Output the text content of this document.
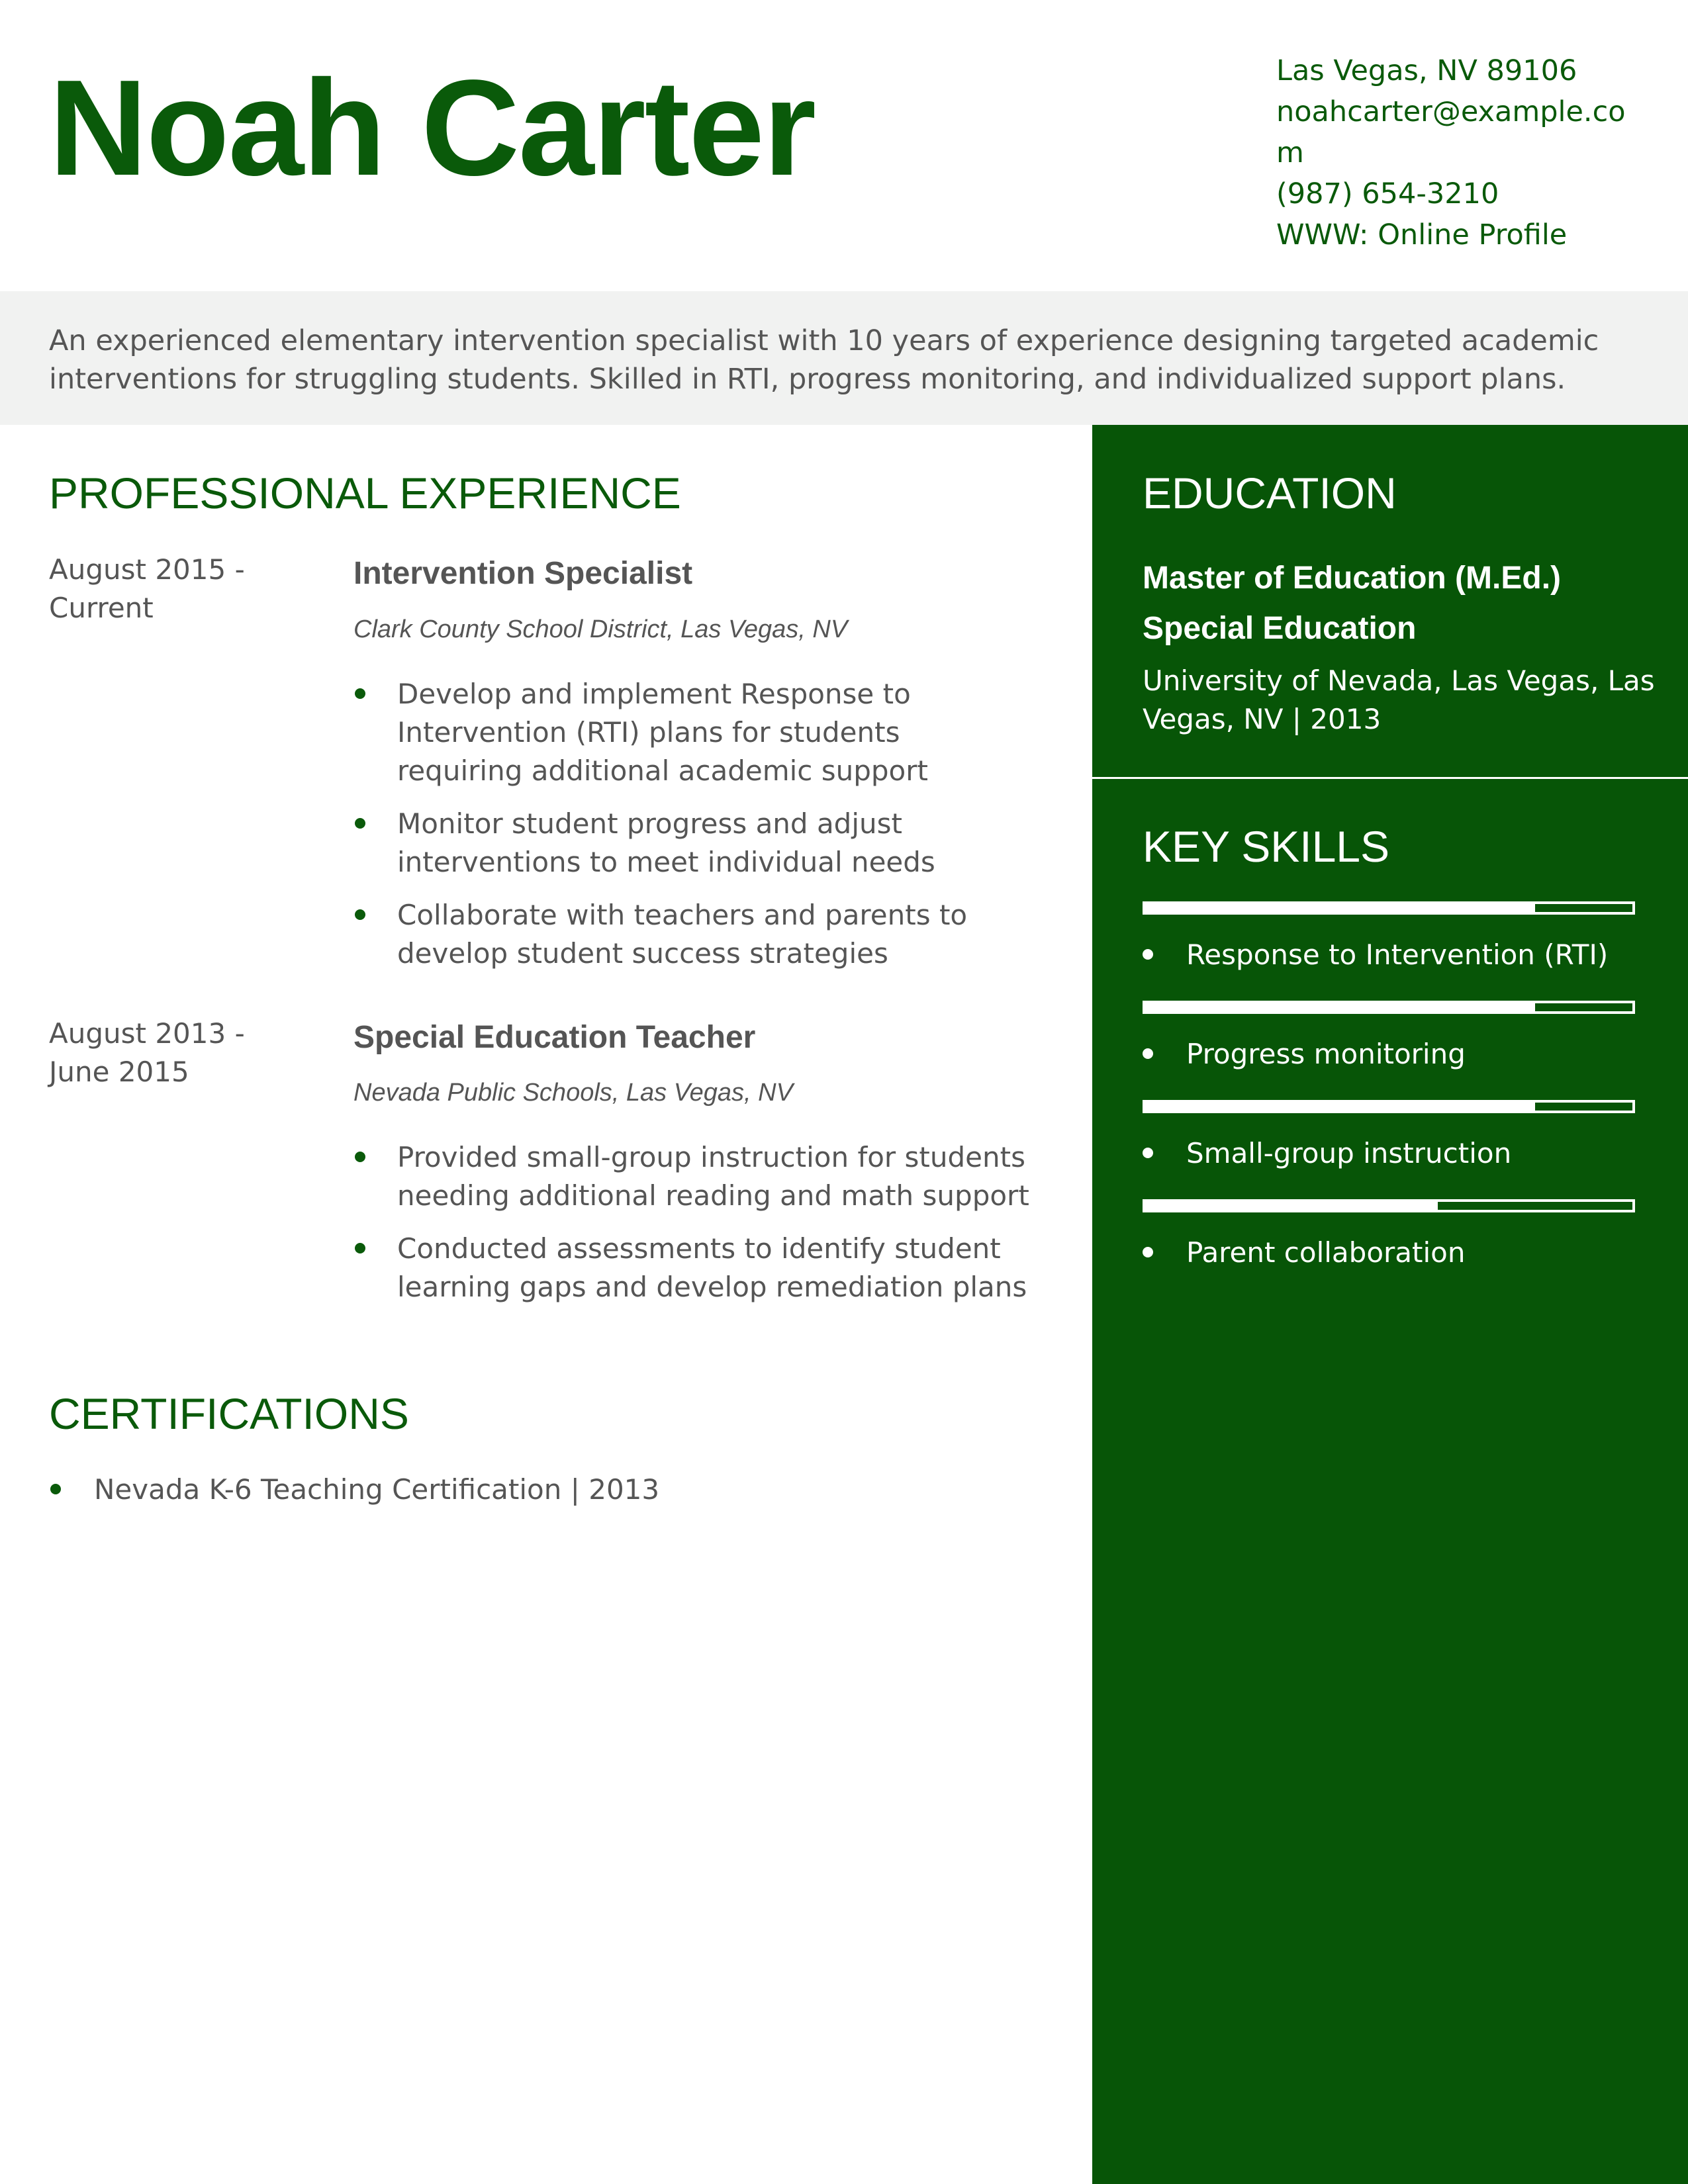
Noah Carter	Las Vegas, NV 89106
noahcarter@example.com
(987) 654-3210
WWW: Online Profile

An experienced elementary intervention specialist with 10 years of experience designing targeted academic interventions for struggling students. Skilled in RTI, progress monitoring, and individualized support plans.

PROFESSIONAL EXPERIENCE
August 2015 - Current
Intervention Specialist
Clark County School District, Las Vegas, NV
Develop and implement Response to Intervention (RTI) plans for students requiring additional academic support
Monitor student progress and adjust interventions to meet individual needs
Collaborate with teachers and parents to develop student success strategies
August 2013 - June 2015
Special Education Teacher
Nevada Public Schools, Las Vegas, NV
Provided small-group instruction for students needing additional reading and math support
Conducted assessments to identify student learning gaps and develop remediation plans
CERTIFICATIONS
Nevada K-6 Teaching Certification | 2013
EDUCATION
Master of Education (M.Ed.)
Special Education
University of Nevada, Las Vegas, Las Vegas, NV | 2013
KEY SKILLS
Response to Intervention (RTI)
Progress monitoring
Small-group instruction
Parent collaboration
